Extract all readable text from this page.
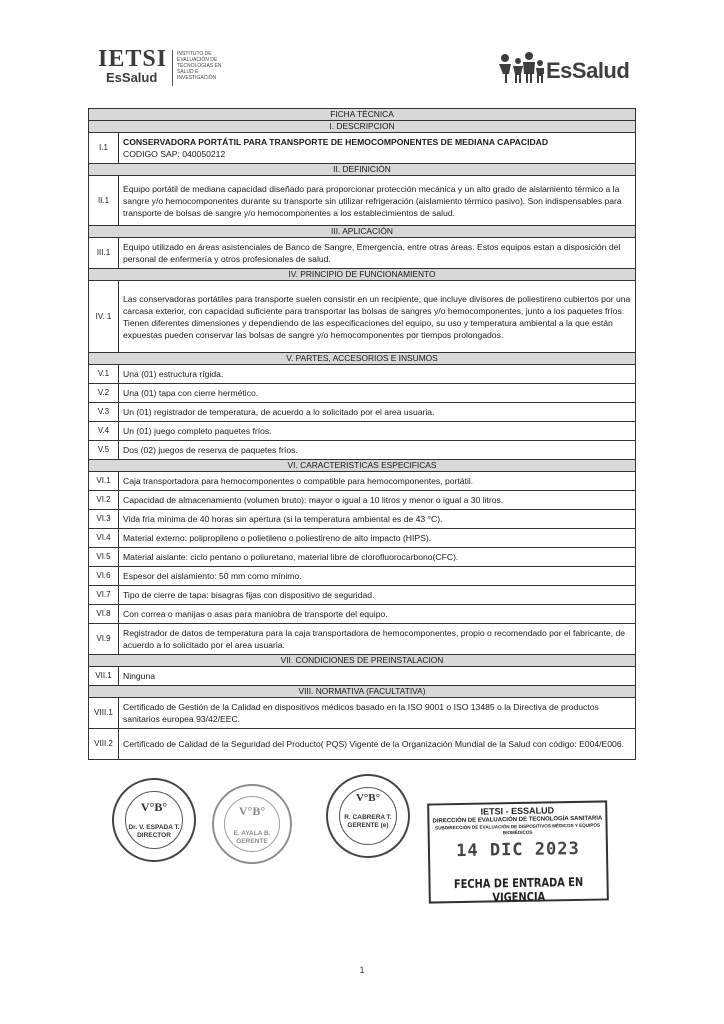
IETSI
EsSalud
INSTITUTO DE EVALUACIÓN DE TECNOLOGÍAS EN SALUD E INVESTIGACIÓN	EsSalud
FICHA TÉCNICA	
I. DESCRIPCION	
I.1	CONSERVADORA PORTÁTIL PARA TRANSPORTE DE HEMOCOMPONENTES DE MEDIANA CAPACIDAD
CODIGO SAP: 040050212

II. DEFINICIÓN	
II.1	Equipo portátil de mediana capacidad diseñado para proporcionar protección mecánica y un alto grado de aislamiento térmico a la sangre y/o hemocomponentes durante su transporte sin utilizar refrigeración (aislamiento térmico pasivo). Son indispensables para transporte de bolsas de sangre y/o hemocomponentes a los establecimientos de salud.
III. APLICACIÓN	
III.1	Equipo utilizado en áreas asistenciales de Banco de Sangre, Emergencia, entre otras áreas. Estos equipos estan a disposición del personal de enfermería y otros profesionales de salud.
IV. PRINCIPIO DE FUNCIONAMIENTO	
IV. 1	Las conservadoras portátiles para transporte suelen consistir en un recipiente, que incluye divisores de poliestireno cubiertos por una carcasa exterior, con capacidad suficiente para transportar las bolsas de sangres y/o hemocomponentes, junto a los paquetes fríos. Tienen diferentes dimensiones y dependiendo de las especificaciones del equipo, su uso y temperatura ambiental a la que están expuestas pueden conservar las bolsas de sangre y/o hemocomponentes por tiempos prolongados.
V. PARTES, ACCESORIOS E INSUMOS	
V.1	Una (01) estructura rígida.
V.2	Una (01) tapa con cierre hermético.
V.3	Un (01) registrador de temperatura, de acuerdo a lo solicitado por el area usuaria.
V.4	Un (01) juego completo paquetes fríos.
V.5	Dos (02) juegos de reserva de paquetes fríos.
VI. CARACTERISTICAS ESPECIFICAS	
VI.1	Caja transportadora para hemocomponentes o compatible para hemocomponentes, portátil.
VI.2	Capacidad de almacenamiento (volumen bruto): mayor o igual a 10 litros y menor o igual a 30 litros.
VI.3	Vida fría mínima de 40 horas sin apertura (si la temperatura ambiental es de 43 °C).
VI.4	Material externo: polipropileno o polietileno o poliestireno de alto impacto (HIPS).
VI.5	Material aislante: ciclo pentano o poliuretano, material libre de clorofluorocarbono(CFC).
VI.6	Espesor del aislamiento: 50 mm como mínimo.
VI.7	Tipo de cierre de tapa: bisagras fijas con dispositivo de seguridad.
VI.8	Con correa o manijas o asas para maniobra de transporte del equipo.
VI.9	Registrador de datos de temperatura para la caja transportadora de hemocomponentes, propio o recomendado por el fabricante, de acuerdo a lo solicitado por el area usuaria.
VII. CONDICIONES DE PREINSTALACION	
VII.1	Ninguna
VIII. NORMATIVA (FACULTATIVA)	
VIII.1	Certificado de Gestión de la Calidad en dispositivos médicos basado en la ISO 9001 o ISO 13485 o la Directiva de productos sanitarios europea 93/42/EEC.
VIII.2	Certificado de Calidad de la Seguridad del Producto( PQS) Vigente de la Organización Mundial de la Salud con código: E004/E006.
V°B°
Dr. V. ESPADA T.
DIRECTOR
V°B°
E. AYALA B.
GERENTE
V°B°
R. CABRERA T.
GERENTE (e)
IETSI - ESSALUD
DIRECCIÓN DE EVALUACIÓN DE TECNOLOGÍA SANITARIA
SUBDIRECCIÓN DE EVALUACIÓN DE DISPOSITIVOS MÉDICOS Y EQUIPOS BIOMÉDICOS
14 DIC 2023
FECHA DE ENTRADA EN VIGENCIA
1
